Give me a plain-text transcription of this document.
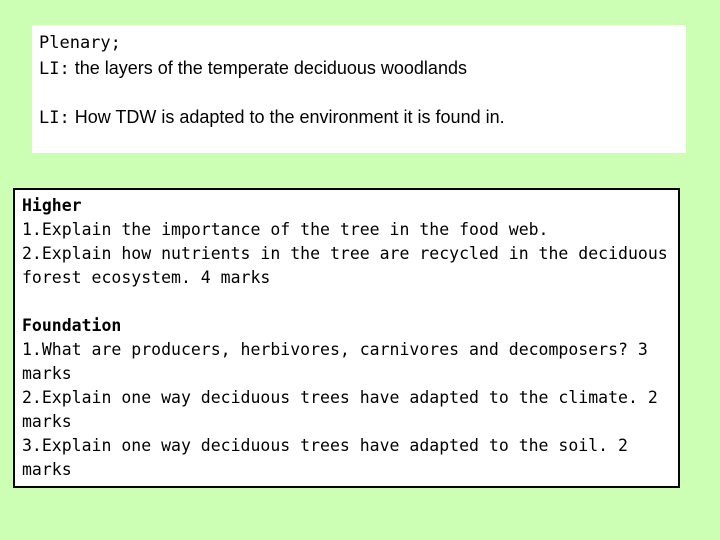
Plenary;

LI: the layers of the temperate deciduous woodlands

LI: How TDW is adapted to the environment it is found in.

Higher

1.Explain the importance of the tree in the food web.

2.Explain how nutrients in the tree are recycled in the deciduous forest ecosystem. 4 marks

Foundation

1.What are producers, herbivores, carnivores and decomposers? 3 marks

2.Explain one way deciduous trees have adapted to the climate. 2 marks

3.Explain one way deciduous trees have adapted to the soil. 2 marks
